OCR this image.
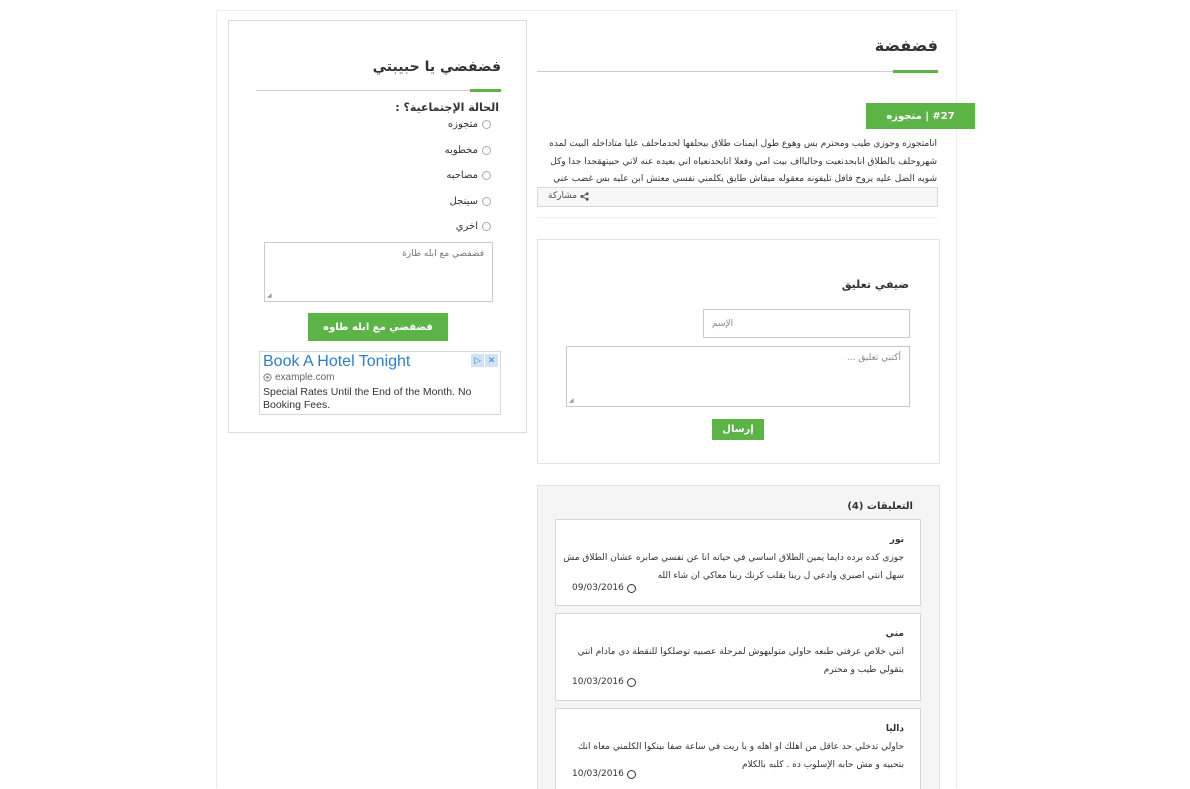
فضفضي يا حبيبتي
الحالة الإجتماعية؟ :
متجوزه
مخطوبه
مصاحبه
سينجل
اخري
فضفضي مع ابله طازة
◢
فضفضي مع ابله طاوه
Book A Hotel Tonight
example.com
Special Rates Until the End of the Month. No Booking Fees.
▷ ✕
فضفضة
#27 | متجوزه
انامتجوزه وجوزي طيب ومحترم بس وهوع طول ايمنات طلاق بيحلفها لحدماحلف عليا متاداخله البيت لمده شهروحلف بالطلاق انابحدنعيت وحاليااف بيت امي وفعلا انابحدنعياه اني بعيده عنه لاني حبيتهقجدا جدا وكل شويه الضل عليه يروح فافل تليفونه معقوله ميقاش طايق يكلمني نفسي معتش ابن عليه بس غضب عني
مشاركة
ضيفي تعليق
الإسم
أكتبي تعليق ...
◢
إرسال
التعليقات (4)
نور
جوزي كده برده دايما يمين الطلاق اساسي في حياته انا عن نفسي صابره عشان الطلاق مش سهل انتي اصبري وادعي ل ربنا يقلب كرنك ربنا معاكي ان شاء الله
09/03/2016
مني
انتي خلاص عرفتي طبعه حاولي متوليهوش لمرحلة عصبيه توصلكوا للنقطة دي مادام انتي بتقولي طيب و محترم
10/03/2016
داليا
حاولي تدخلي حد عاقل من اهلك او اهله و يا ريت في ساعة صفا بينكوا الكلمني معاه انك بتحبيه و مش حابه الإسلوب ده . كلبه بالكلام
10/03/2016
